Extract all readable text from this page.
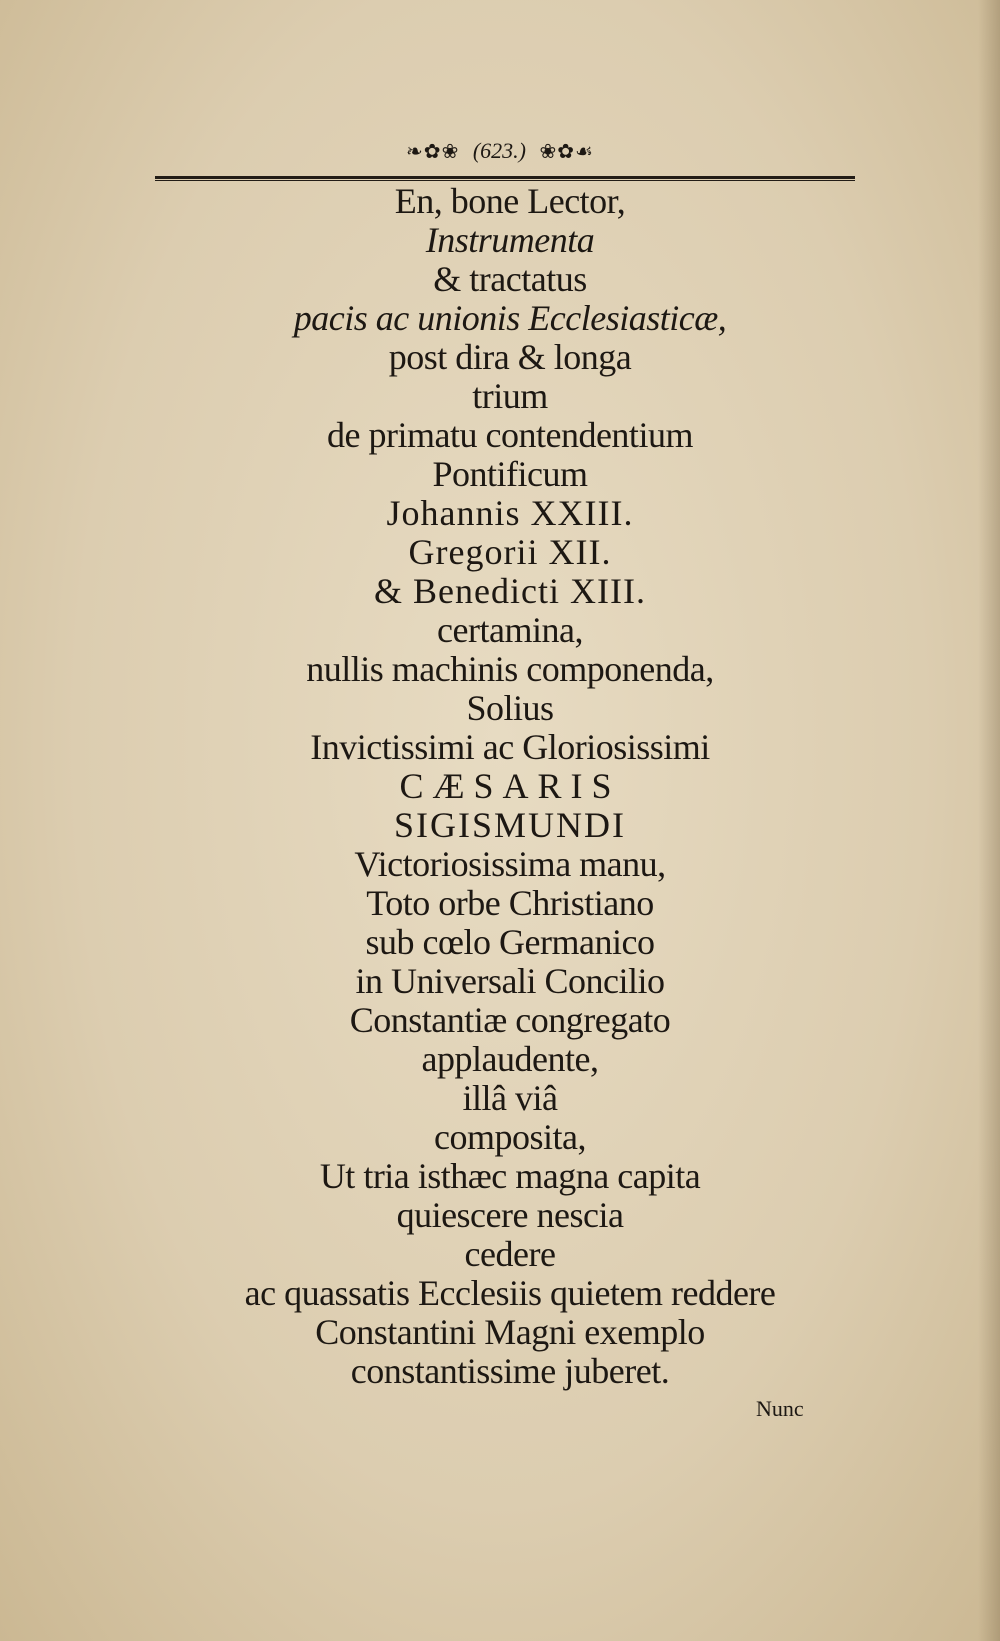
❧✿❀ (623.) ❀✿☙
En, bone Lector,
Instrumenta
& tractatus
pacis ac unionis Ecclesiasticæ,
post dira & longa
trium
de primatu contendentium
Pontificum
Johannis XXIII.
Gregorii XII.
& Benedicti XIII.
certamina,
nullis machinis componenda,
Solius
Invictissimi ac Gloriosissimi
CÆSARIS
SIGISMUNDI
Victoriosissima manu,
Toto orbe Christiano
sub cœlo Germanico
in Universali Concilio
Constantiæ congregato
applaudente,
illâ viâ
composita,
Ut tria isthæc magna capita
quiescere nescia
cedere
ac quassatis Ecclesiis quietem reddere
Constantini Magni exemplo
constantissime juberet.
Nunc
